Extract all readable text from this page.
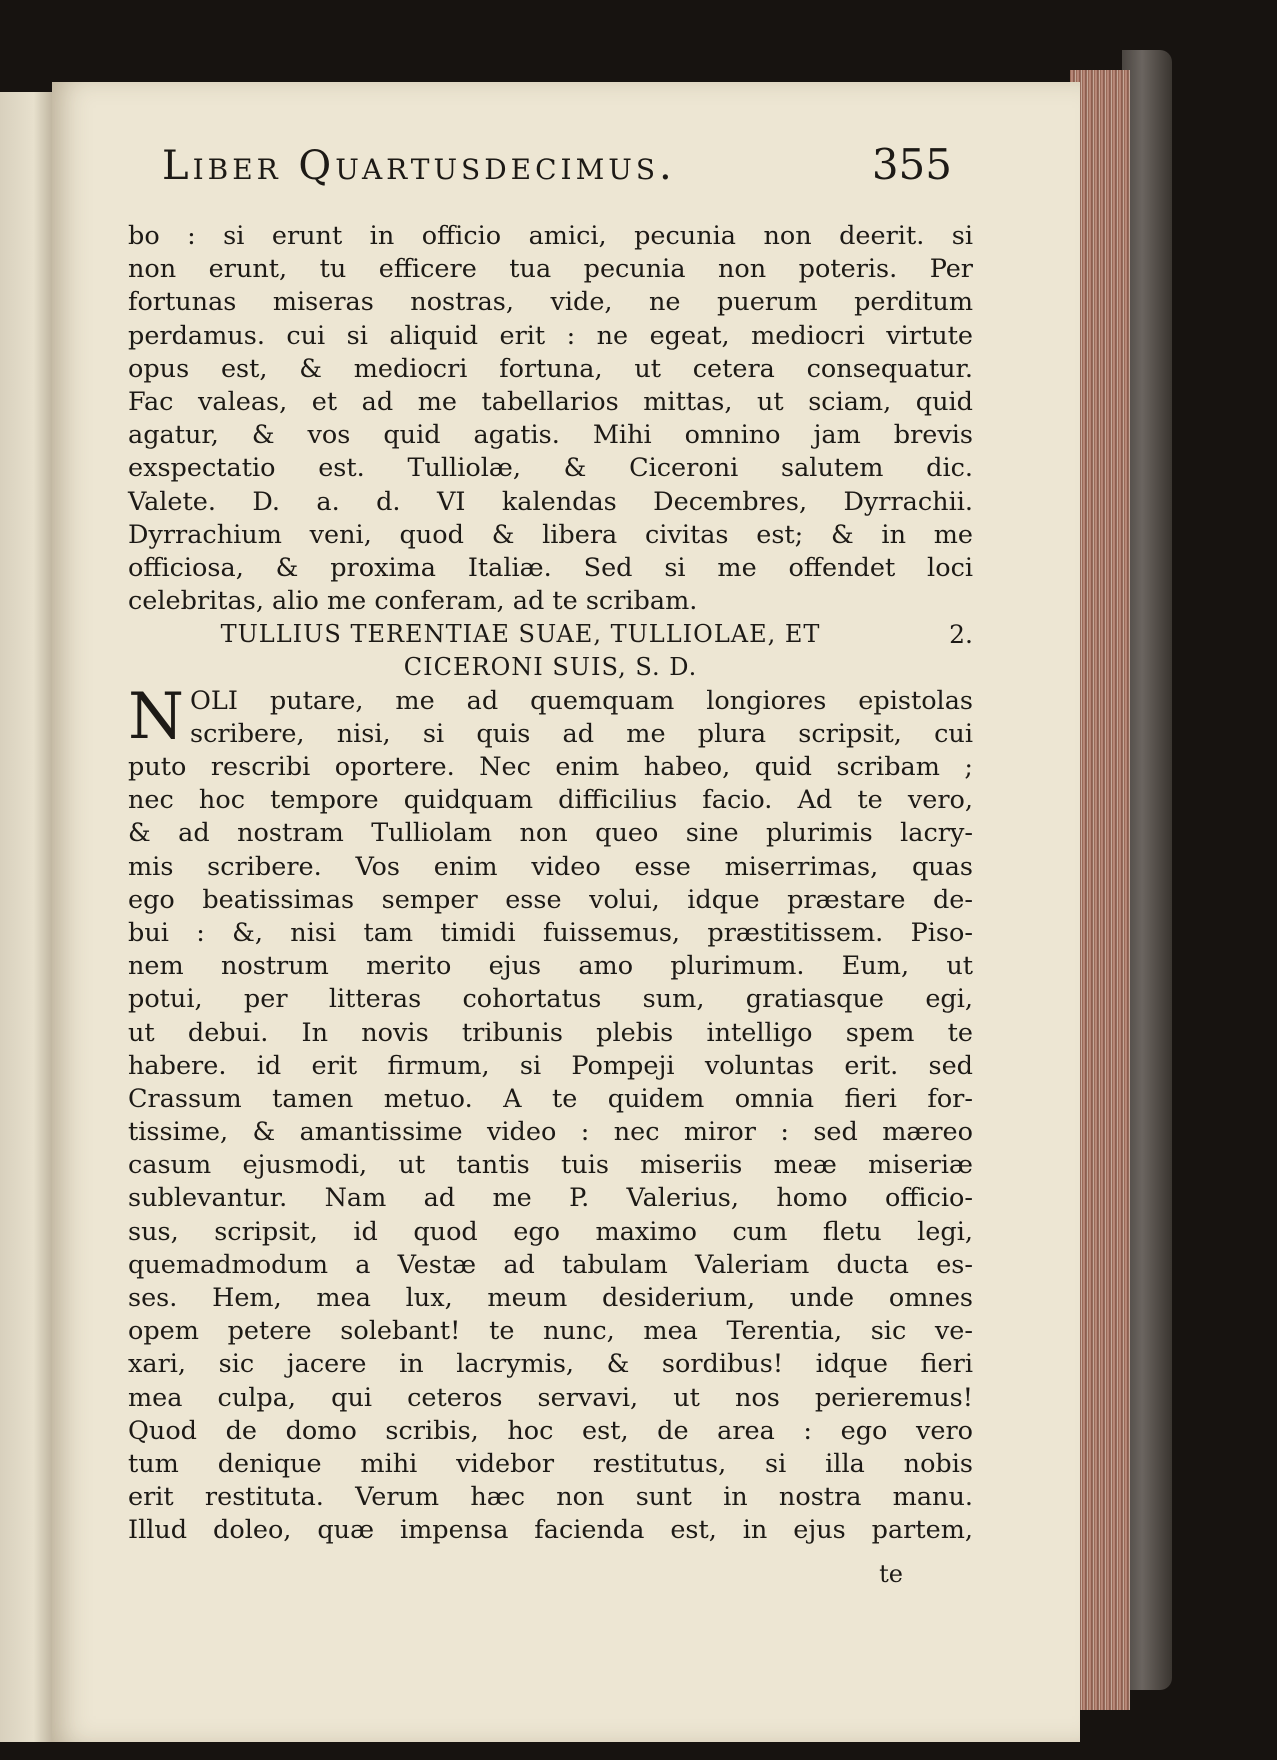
Liber Quartusdecimus.	355
bo : si erunt in officio amici, pecunia non deerit. si
non erunt, tu efficere tua pecunia non poteris. Per
fortunas miseras nostras, vide, ne puerum perditum
perdamus. cui si aliquid erit : ne egeat, mediocri virtute
opus est, & mediocri fortuna, ut cetera consequatur.
Fac valeas, et ad me tabellarios mittas, ut sciam, quid
agatur, & vos quid agatis. Mihi omnino jam brevis
exspectatio est. Tulliolæ, & Ciceroni salutem dic.
Valete. D. a. d. VI kalendas Decembres, Dyrrachii.
Dyrrachium veni, quod & libera civitas est; & in me
officiosa, & proxima Italiæ. Sed si me offendet loci
celebritas, alio me conferam, ad te scribam.
TULLIUS TERENTIAE SUAE, TULLIOLAE, ET	2.
CICERONI SUIS, S. D.
N OLI putare, me ad quemquam longiores epistolas
scribere, nisi, si quis ad me plura scripsit, cui
puto rescribi oportere. Nec enim habeo, quid scribam ;
nec hoc tempore quidquam difficilius facio. Ad te vero,
& ad nostram Tulliolam non queo sine plurimis lacry-
mis scribere. Vos enim video esse miserrimas, quas
ego beatissimas semper esse volui, idque præstare de-
bui : &, nisi tam timidi fuissemus, præstitissem. Piso-
nem nostrum merito ejus amo plurimum. Eum, ut
potui, per litteras cohortatus sum, gratiasque egi,
ut debui. In novis tribunis plebis intelligo spem te
habere. id erit firmum, si Pompeji voluntas erit. sed
Crassum tamen metuo. A te quidem omnia fieri for-
tissime, & amantissime video : nec miror : sed mæreo
casum ejusmodi, ut tantis tuis miseriis meæ miseriæ
sublevantur. Nam ad me P. Valerius, homo officio-
sus, scripsit, id quod ego maximo cum fletu legi,
quemadmodum a Vestæ ad tabulam Valeriam ducta es-
ses. Hem, mea lux, meum desiderium, unde omnes
opem petere solebant! te nunc, mea Terentia, sic ve-
xari, sic jacere in lacrymis, & sordibus! idque fieri
mea culpa, qui ceteros servavi, ut nos perieremus!
Quod de domo scribis, hoc est, de area : ego vero
tum denique mihi videbor restitutus, si illa nobis
erit restituta. Verum hæc non sunt in nostra manu.
Illud doleo, quæ impensa facienda est, in ejus partem,
te
